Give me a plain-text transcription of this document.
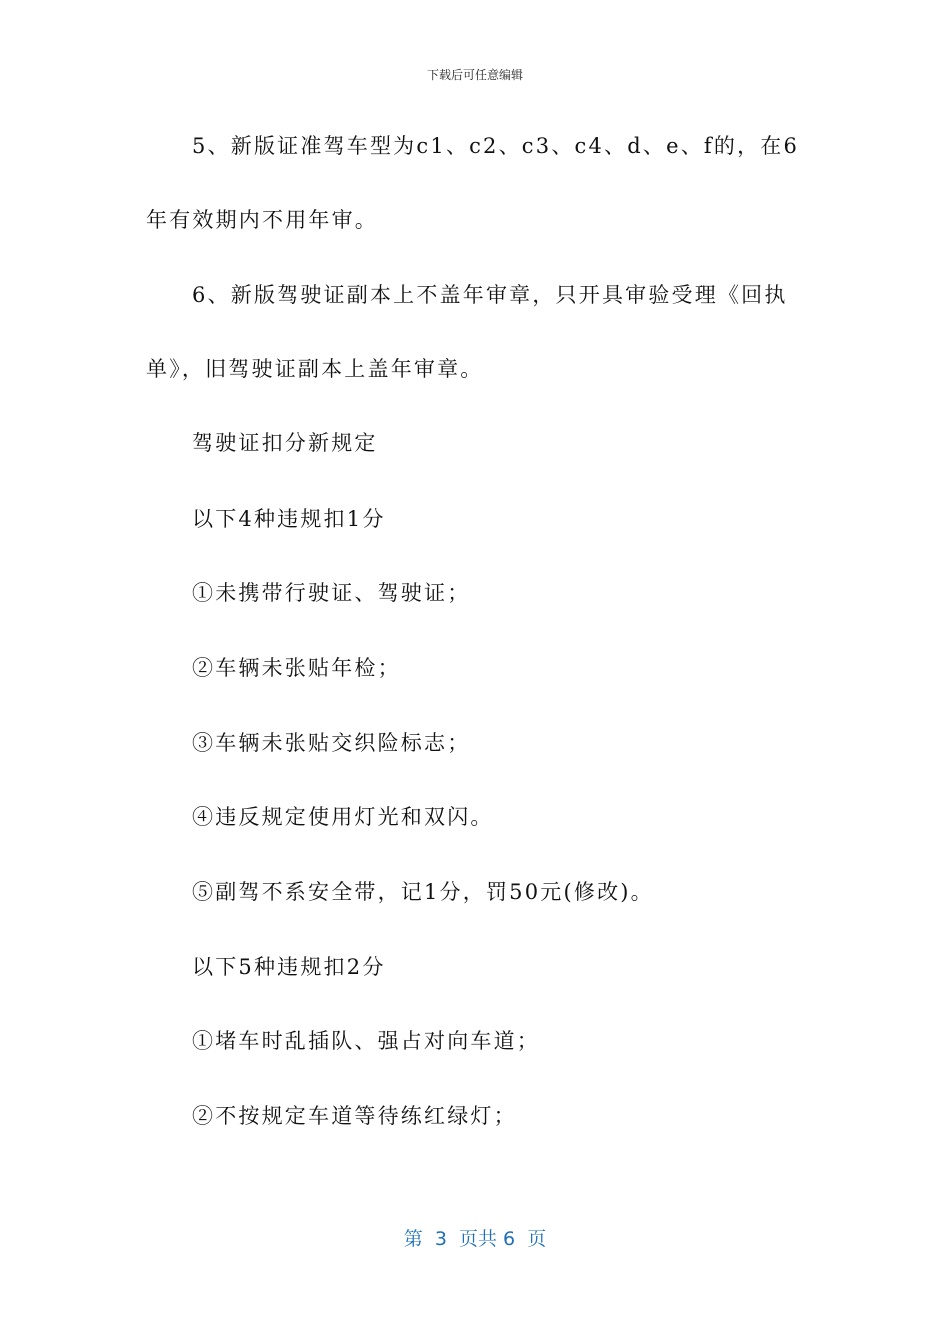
下载后可任意编辑
5、新版证准驾车型为c1、c2、c3、c4、d、e、f的，在6
年有效期内不用年审。
6、新版驾驶证副本上不盖年审章，只开具审验受理《回执
单》，旧驾驶证副本上盖年审章。
驾驶证扣分新规定
以下4种违规扣1分
①未携带行驶证、驾驶证；
②车辆未张贴年检；
③车辆未张贴交织险标志；
④违反规定使用灯光和双闪。
⑤副驾不系安全带，记1分，罚50元(修改)。
以下5种违规扣2分
①堵车时乱插队、强占对向车道；
②不按规定车道等待练红绿灯；
第  3  页共 6  页
